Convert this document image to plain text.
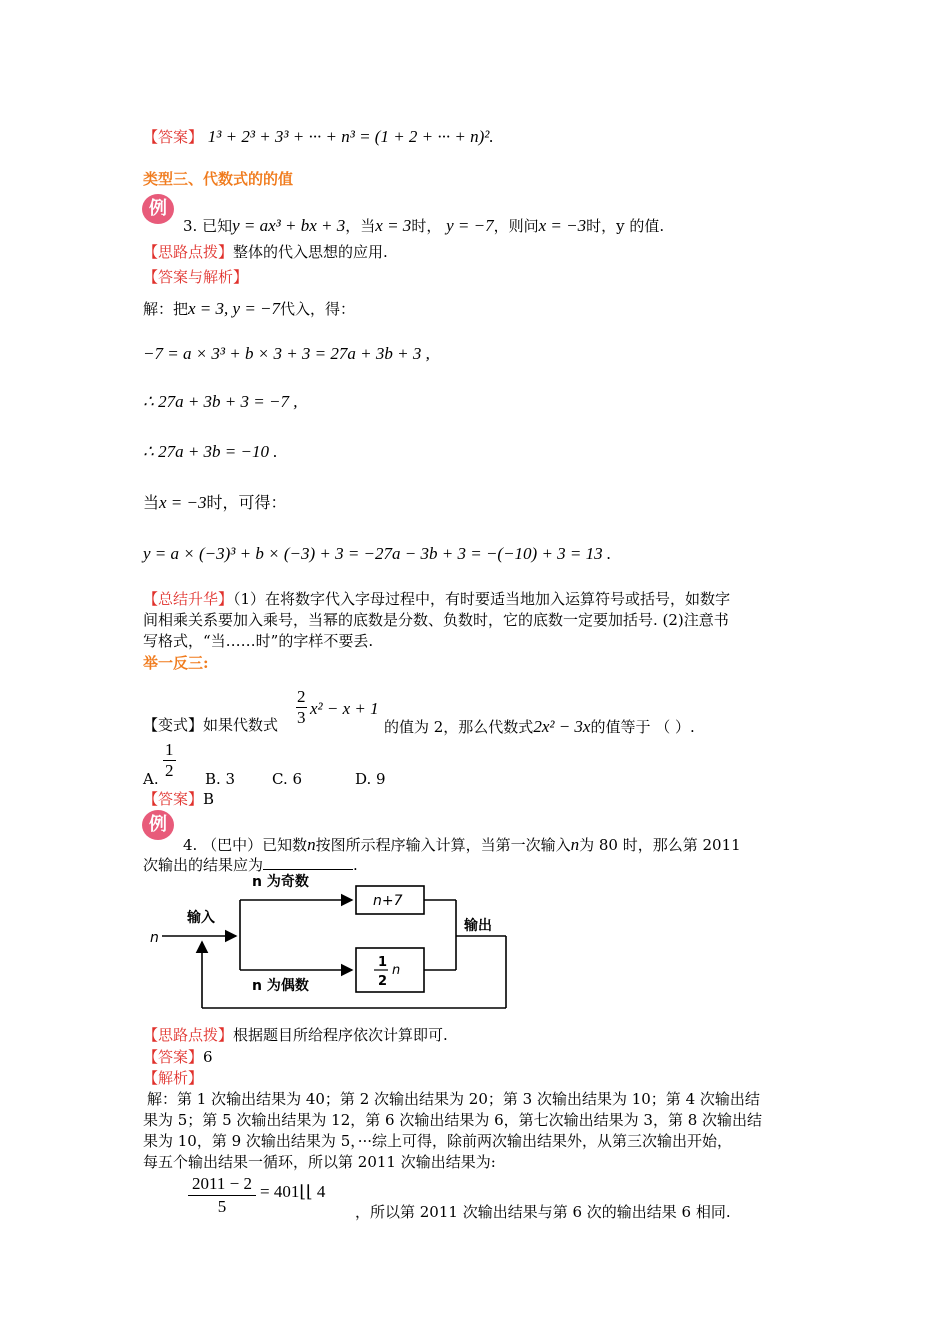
【答案】 1³ + 2³ + 3³ + ··· + n³ = (1 + 2 + ··· + n)².
类型三、代数式的的值
例
3. 已知y = ax³ + bx + 3，当x = 3时， y = −7，则问x = −3时，y 的值.
【思路点拨】整体的代入思想的应用.
【答案与解析】
解：把x = 3, y = −7代入，得：
−7 = a × 3³ + b × 3 + 3 = 27a + 3b + 3 ,
∴ 27a + 3b + 3 = −7 ,
∴ 27a + 3b = −10 .
当x = −3时，可得：
y = a × (−3)³ + b × (−3) + 3 = −27a − 3b + 3 = −(−10) + 3 = 13 .
【总结升华】（1）在将数字代入字母过程中，有时要适当地加入运算符号或括号，如数字
间相乘关系要加入乘号，当幂的底数是分数、负数时，它的底数一定要加括号. (2)注意书
写格式，“当……时”的字样不要丢.
举一反三:
【变式】如果代数式 $\frac{2}{3} x^2 - x + 1$
的值为 2，那么代数式2x² − 3x的值等于 （ ）.
A. $\frac{1}{2} B$. 3 C. 6	D. 9
【答案】B
例
4. （巴中）已知数n按图所示程序输入计算，当第一次输入n为 80 时，那么第 2011
次输出的结果应为	.
n
输入
n 为奇数
n+7
n 为偶数
1
2
n
输出
【思路点拨】根据题目所给程序依次计算即可.
【答案】6
【解析】
解：第 1 次输出结果为 40；第 2 次输出结果为 20；第 3 次输出结果为 10；第 4 次输出结
果为 5；第 5 次输出结果为 12，第 6 次输出结果为 6，第七次输出结果为 3，第 8 次输出结
果为 10，第 9 次输出结果为 5，···综上可得，除前两次输出结果外，从第三次输出开始，
每五个输出结果一循环，所以第 2011 次输出结果为:
$\frac{2011 - 2}{5}$ = 401⌊⌊ 4
，所以第 2011 次输出结果与第 6 次的输出结果 6 相同.
